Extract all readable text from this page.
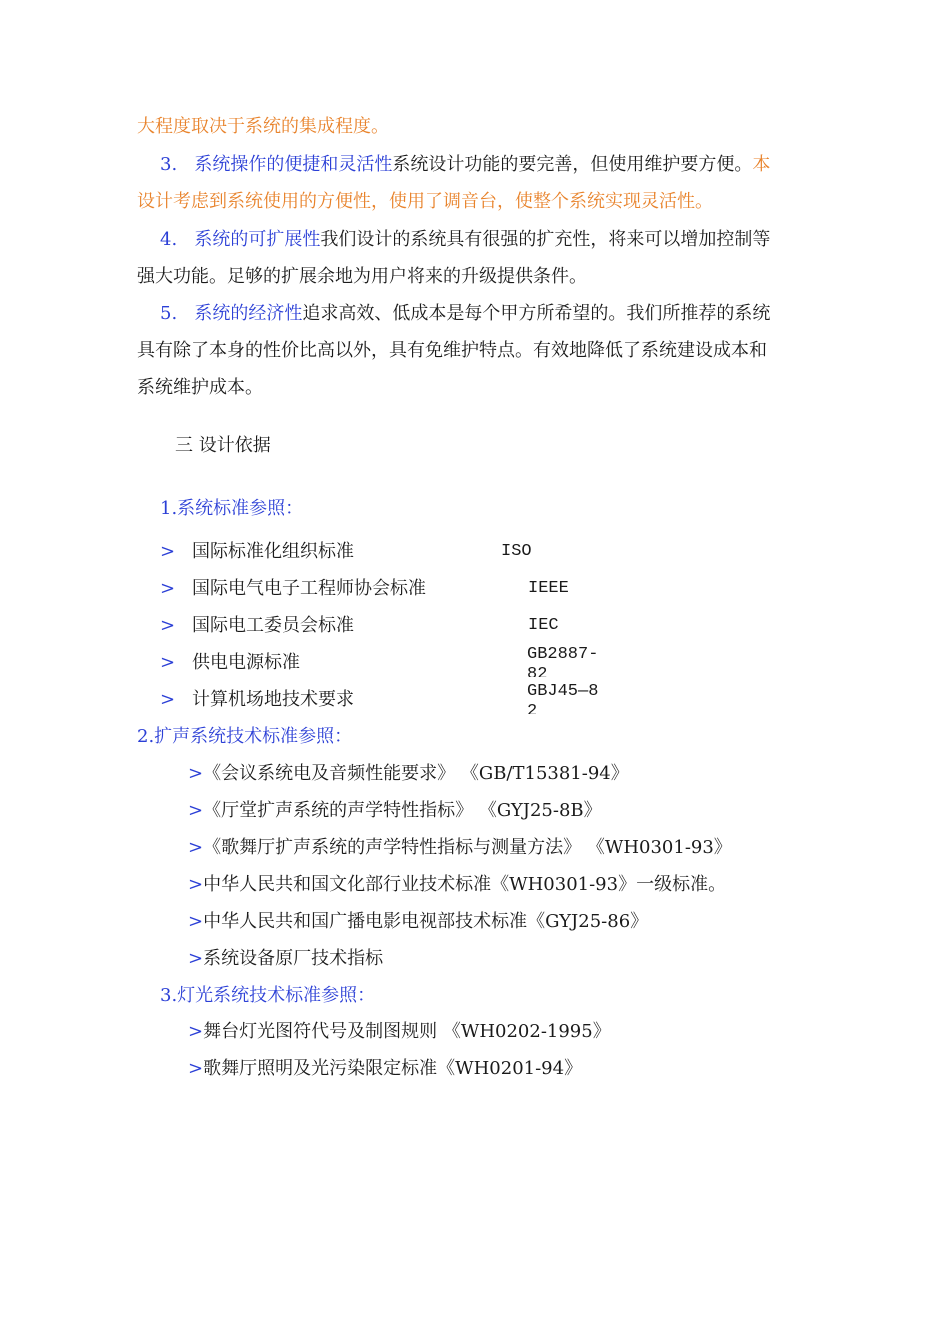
大程度取决于系统的集成程度。
3. 系统操作的便捷和灵活性系统设计功能的要完善，但使用维护要方便。本
设计考虑到系统使用的方便性，使用了调音台，使整个系统实现灵活性。
4. 系统的可扩展性我们设计的系统具有很强的扩充性，将来可以增加控制等
强大功能。足够的扩展余地为用户将来的升级提供条件。
5. 系统的经济性追求高效、低成本是每个甲方所希望的。我们所推荐的系统
具有除了本身的性价比高以外，具有免维护特点。有效地降低了系统建设成本和
系统维护成本。
三 设计依据
1.系统标准参照：
> 国际标准化组织标准	ISO
> 国际电气电子工程师协会标准	IEEE
> 国际电工委员会标准	IEC
> 供电电源标准	GB2887-82
> 计算机场地技术要求	GBJ45—82
2.扩声系统技术标准参照：
>《会议系统电及音频性能要求》 《GB/T15381-94》
>《厅堂扩声系统的声学特性指标》 《GYJ25-8B》
>《歌舞厅扩声系统的声学特性指标与测量方法》 《WH0301-93》
>中华人民共和国文化部行业技术标准《WH0301-93》一级标准。
>中华人民共和国广播电影电视部技术标准《GYJ25-86》
>系统设备原厂技术指标
3.灯光系统技术标准参照：
>舞台灯光图符代号及制图规则 《WH0202-1995》
>歌舞厅照明及光污染限定标准《WH0201-94》
